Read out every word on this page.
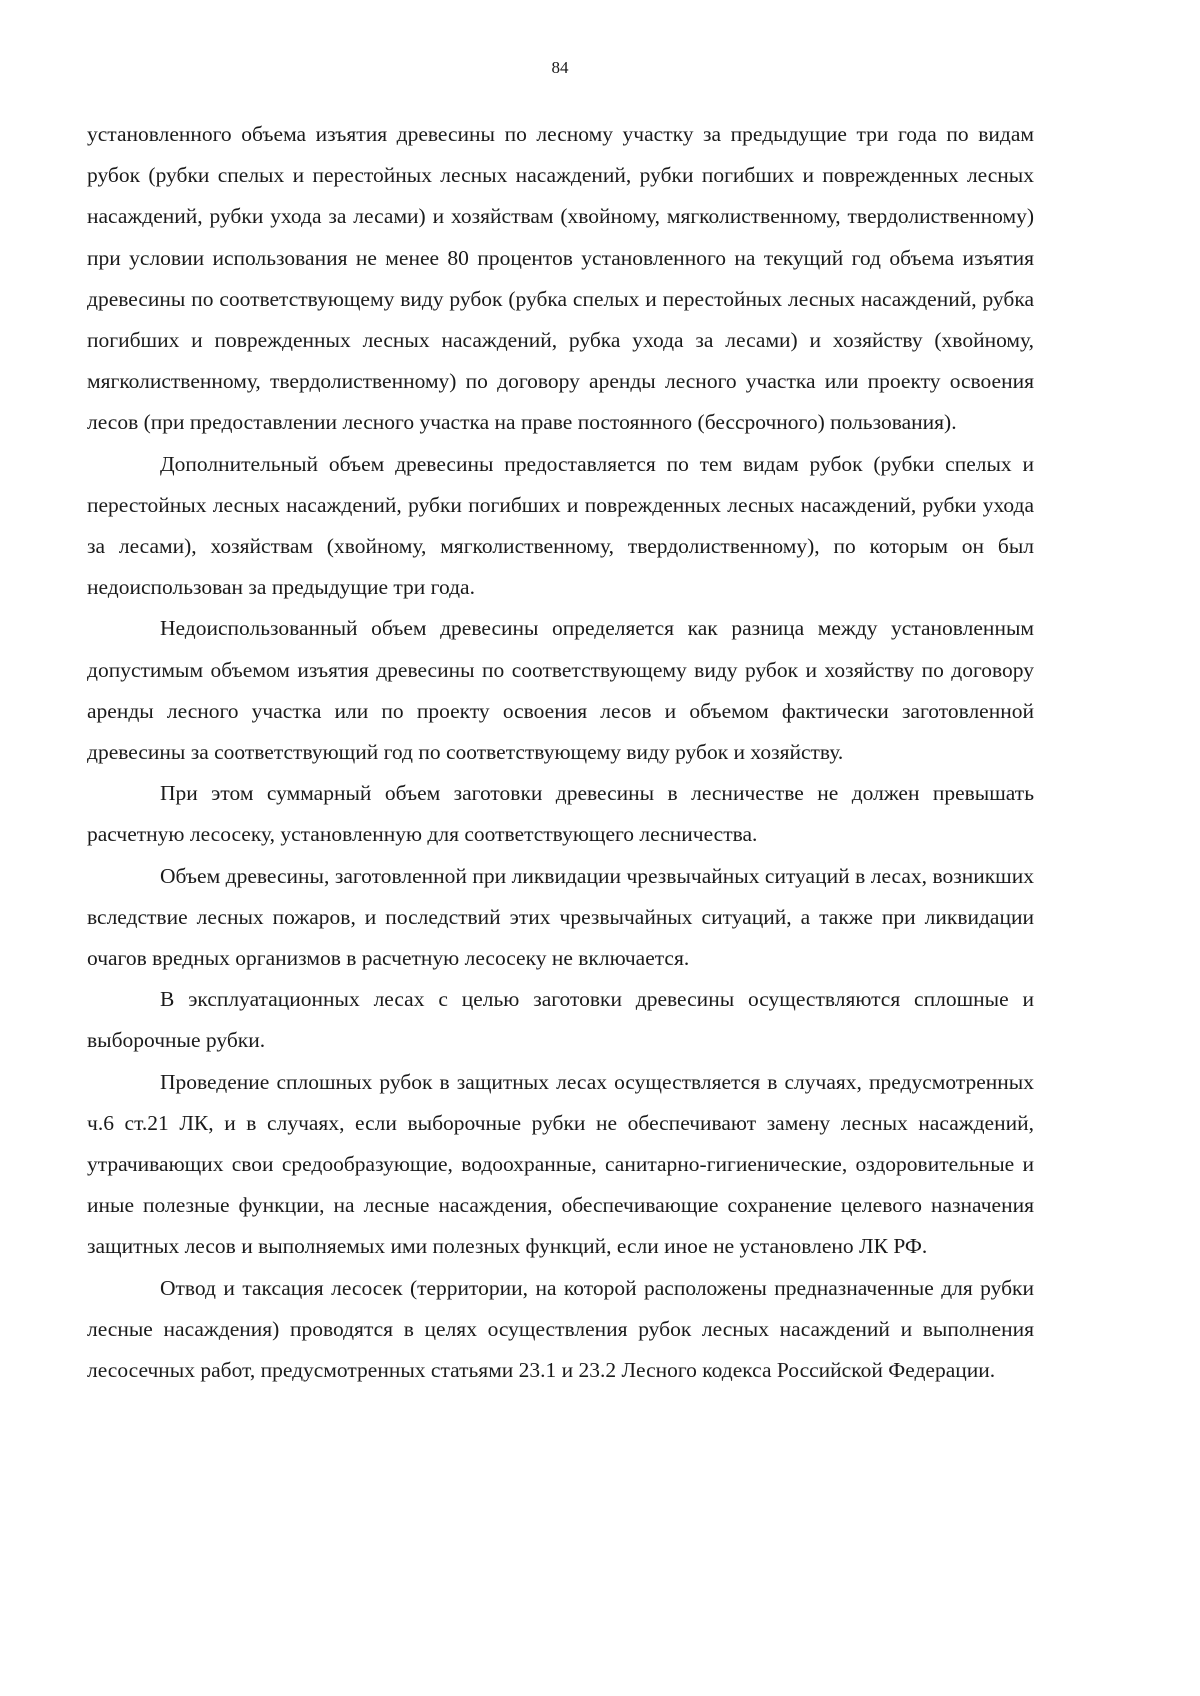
84

установленного объема изъятия древесины по лесному участку за предыдущие три года по видам рубок (рубки спелых и перестойных лесных насаждений, рубки погибших и поврежденных лесных насаждений, рубки ухода за лесами) и хозяйствам (хвойному, мягколиственному, твердолиственному) при условии использования не менее 80 процентов установленного на текущий год объема изъятия древесины по соответствующему виду рубок (рубка спелых и перестойных лесных насаждений, рубка погибших и поврежденных лесных насаждений, рубка ухода за лесами) и хозяйству (хвойному, мягколиственному, твердолиственному) по договору аренды лесного участка или проекту освоения лесов (при предоставлении лесного участка на праве постоянного (бессрочного) пользования).

Дополнительный объем древесины предоставляется по тем видам рубок (рубки спелых и перестойных лесных насаждений, рубки погибших и поврежденных лесных насаждений, рубки ухода за лесами), хозяйствам (хвойному, мягколиственному, твердолиственному), по которым он был недоиспользован за предыдущие три года.

Недоиспользованный объем древесины определяется как разница между установленным допустимым объемом изъятия древесины по соответствующему виду рубок и хозяйству по договору аренды лесного участка или по проекту освоения лесов и объемом фактически заготовленной древесины за соответствующий год по соответствующему виду рубок и хозяйству.

При этом суммарный объем заготовки древесины в лесничестве не должен превышать расчетную лесосеку, установленную для соответствующего лесничества.

Объем древесины, заготовленной при ликвидации чрезвычайных ситуаций в лесах, возникших вследствие лесных пожаров, и последствий этих чрезвычайных ситуаций, а также при ликвидации очагов вредных организмов в расчетную лесосеку не включается.

В эксплуатационных лесах с целью заготовки древесины осуществляются сплошные и выборочные рубки.

Проведение сплошных рубок в защитных лесах осуществляется в случаях, предусмотренных ч.6 ст.21 ЛК, и в случаях, если выборочные рубки не обеспечивают замену лесных насаждений, утрачивающих свои средообразующие, водоохранные, санитарно-гигиенические, оздоровительные и иные полезные функции, на лесные насаждения, обеспечивающие сохранение целевого назначения защитных лесов и выполняемых ими полезных функций, если иное не установлено ЛК РФ.

Отвод и таксация лесосек (территории, на которой расположены предназначенные для рубки лесные насаждения) проводятся в целях осуществления рубок лесных насаждений и выполнения лесосечных работ, предусмотренных статьями 23.1 и 23.2 Лесного кодекса Российской Федерации.
